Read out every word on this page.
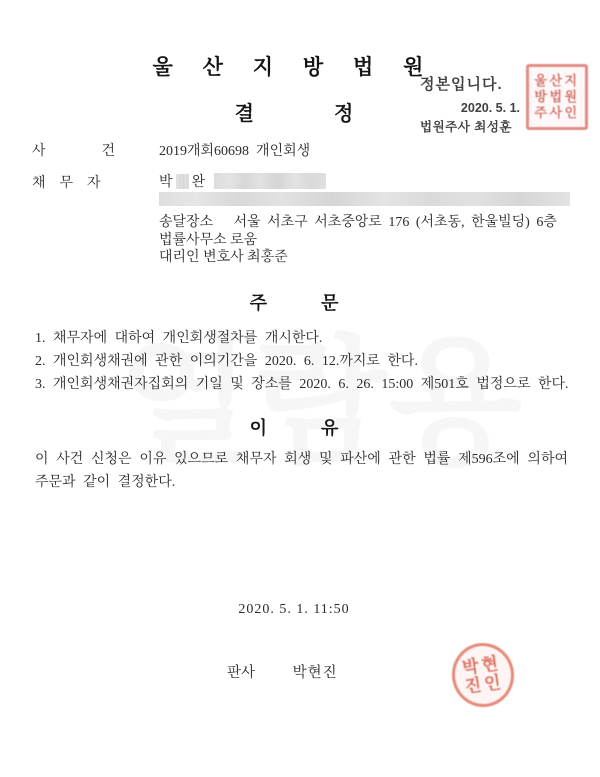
울 산 지 방 법 원
결　　　　정
정본입니다.
2020. 5. 1.
법원주사 최성훈
울산지방법원주사인
사　　　　건	2019개회60698  개인회생
채　무　자	박 완
송달장소　 서울 서초구 서초중앙로 176 (서초동, 한울빌딩) 6층
법률사무소 로움
대리인 변호사 최홍준
주　　　문
1. 채무자에 대하여 개인회생절차를 개시한다.
2. 개인회생채권에 관한 이의기간을 2020. 6. 12.까지로 한다.
3. 개인회생채권자집회의 기일 및 장소를 2020. 6. 26. 15:00 제501호 법정으로 한다.
이　　　유
이 사건 신청은 이유 있으므로 채무자 회생 및 파산에 관한 법률 제596조에 의하여 주문과 같이 결정한다.
2020. 5. 1. 11:50
판사	박현진	박현진인
